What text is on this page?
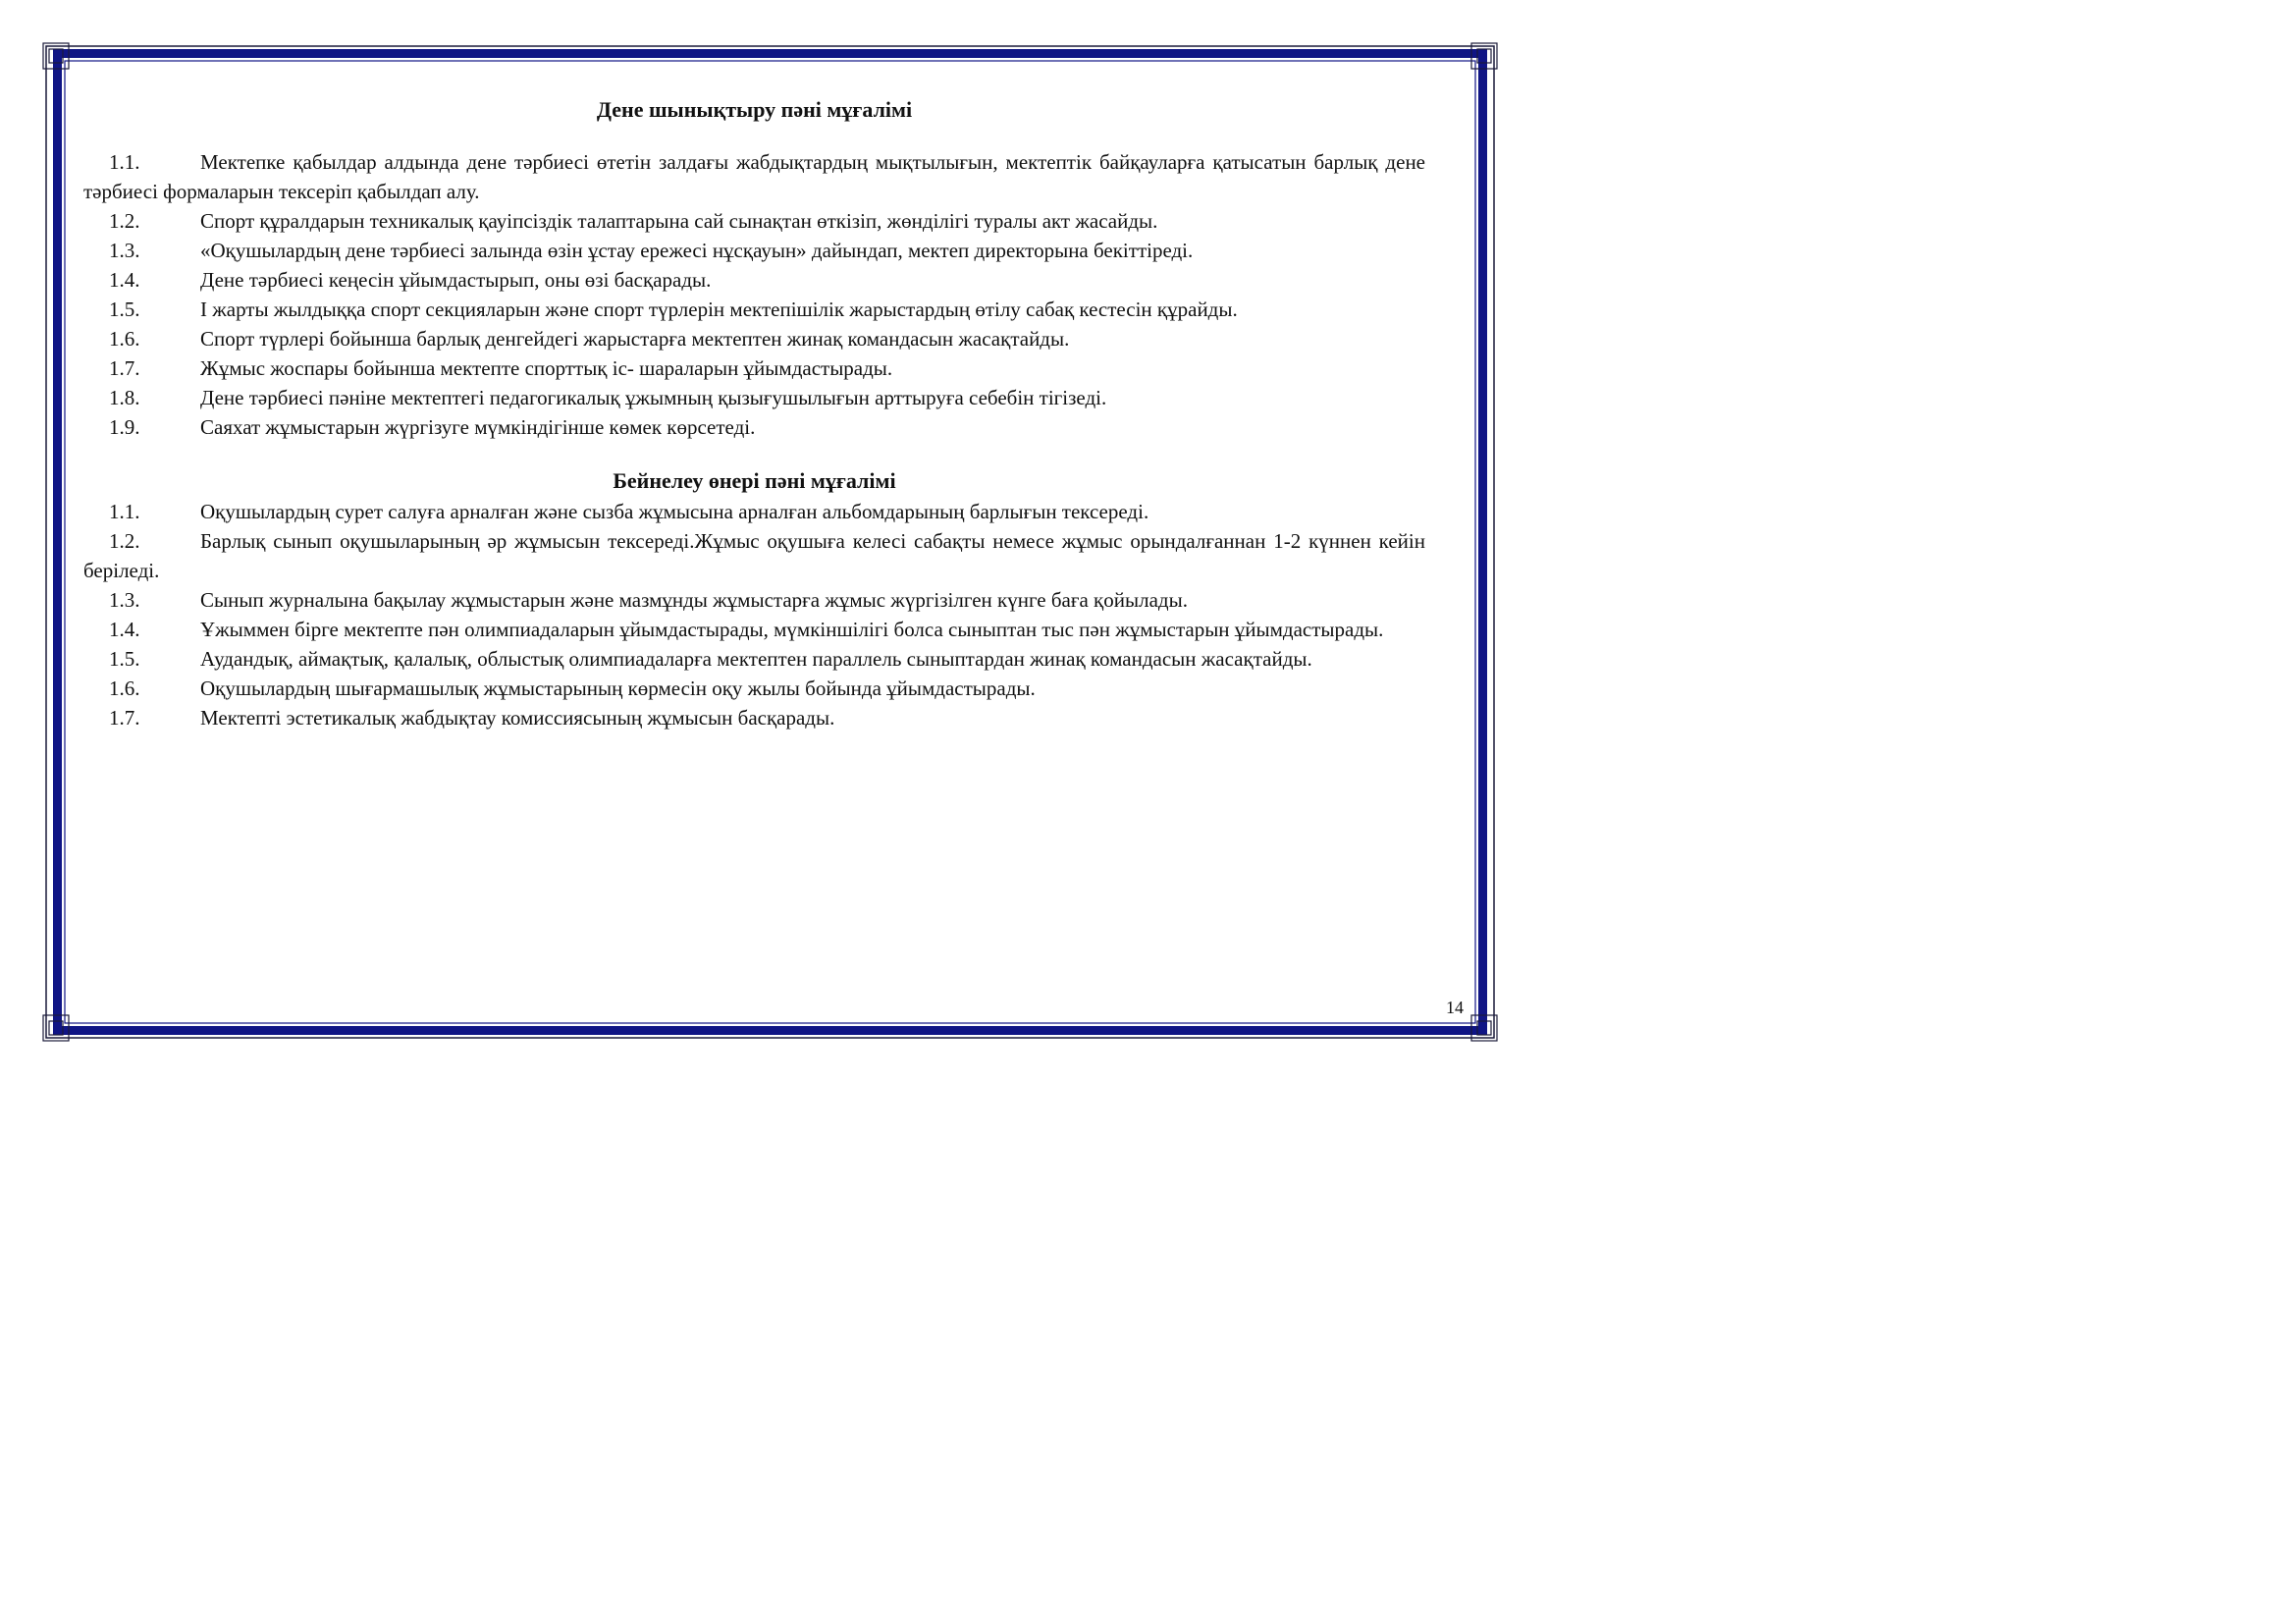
Дене шынықтыру пәні мұғалімі

1.1.	Мектепке қабылдар алдында дене тәрбиесі өтетін залдағы жабдықтардың мықтылығын, мектептік байқауларға қатысатын барлық дене тәрбиесі формаларын тексеріп қабылдап алу.

1.2.	Спорт құралдарын техникалық қауіпсіздік талаптарына сай сынақтан өткізіп, жөнділігі туралы акт жасайды.

1.3.	«Оқушылардың дене тәрбиесі залында өзін ұстау ережесі нұсқауын» дайындап, мектеп директорына бекіттіреді.

1.4.	Дене тәрбиесі кеңесін ұйымдастырып, оны өзі басқарады.

1.5.	І жарты жылдыққа спорт секцияларын және спорт түрлерін мектепішілік жарыстардың өтілу сабақ кестесін құрайды.

1.6.	Спорт түрлері бойынша барлық денгейдегі жарыстарға мектептен жинақ командасын жасақтайды.

1.7.	Жұмыс жоспары бойынша мектепте спорттық іс- шараларын ұйымдастырады.

1.8.	Дене тәрбиесі пәніне мектептегі педагогикалық ұжымның қызығушылығын арттыруға себебін тігізеді.

1.9.	Саяхат жұмыстарын жүргізуге мүмкіндігінше көмек көрсетеді.

Бейнелеу өнері пәні мұғалімі

1.1.	Оқушылардың сурет салуға арналған және сызба жұмысына арналған альбомдарының барлығын тексереді.

1.2.	Барлық сынып оқушыларының әр жұмысын тексереді.Жұмыс оқушыға келесі сабақты немесе жұмыс орындалғаннан 1-2 күннен кейін беріледі.

1.3.	Сынып журналына бақылау жұмыстарын және мазмұнды жұмыстарға жұмыс жүргізілген күнге баға қойылады.

1.4.	Ұжыммен бірге мектепте пән олимпиадаларын ұйымдастырады, мүмкіншілігі болса сыныптан тыс пән жұмыстарын ұйымдастырады.

1.5.	Аудандық, аймақтық, қалалық, облыстық олимпиадаларға мектептен параллель сыныптардан жинақ командасын жасақтайды.

1.6.	Оқушылардың шығармашылық жұмыстарының көрмесін оқу жылы бойында ұйымдастырады.

1.7.	Мектепті эстетикалық жабдықтау комиссиясының жұмысын басқарады.

14
